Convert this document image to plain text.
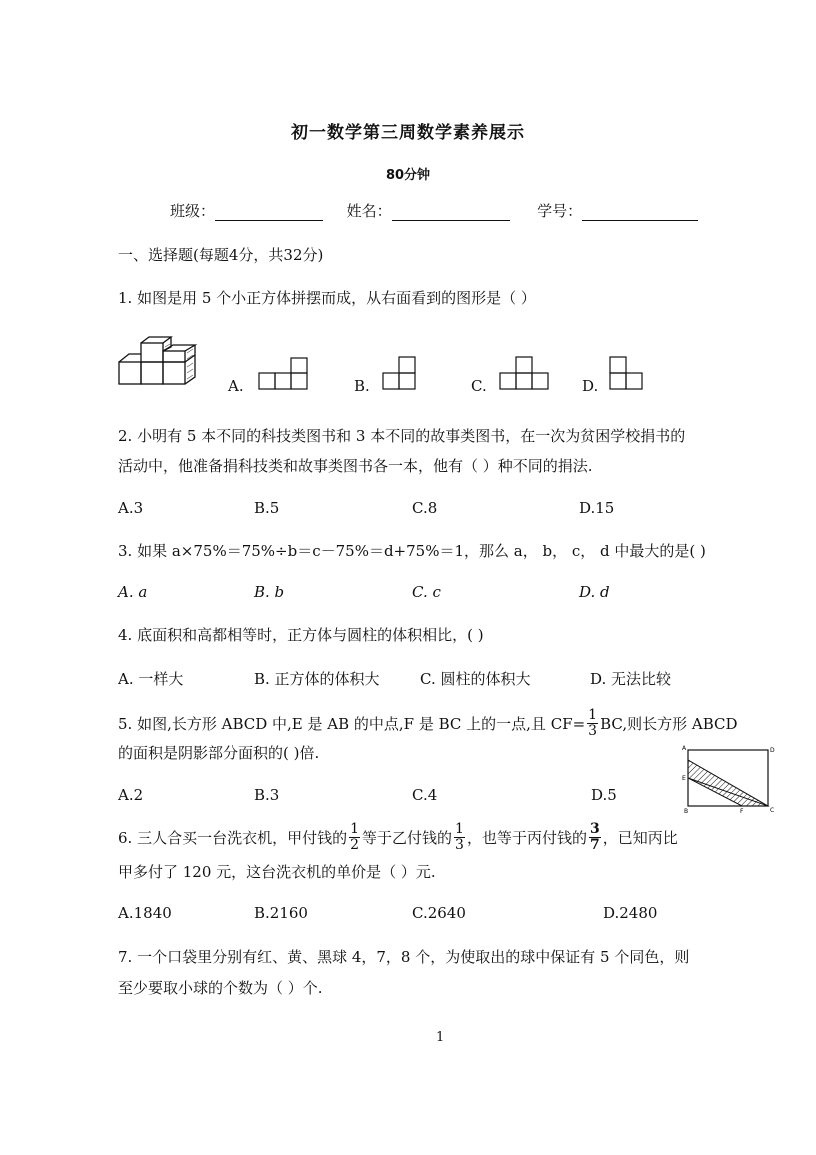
初一数学第三周数学素养展示
80分钟
班级：	姓名：	学号：
一、选择题(每题4分，共32分)
1. 如图是用 5 个小正方体拼摆而成，从右面看到的图形是（ ）
A.	B.	C.	D.
2. 小明有 5 本不同的科技类图书和 3 本不同的故事类图书，在一次为贫困学校捐书的
活动中，他准备捐科技类和故事类图书各一本，他有（ ）种不同的捐法.
A.3	B.5	C.8	D.15
3. 如果 a×75%＝75%÷b＝c－75%＝d+75%＝1，那么 a， b， c， d 中最大的是( )
A. a	B. b	C. c	D. d
4. 底面积和高都相等时，正方体与圆柱的体积相比，( )
A. 一样大	B. 正方体的体积大	C. 圆柱的体积大	D. 无法比较
5. 如图,长方形 ABCD 中,E 是 AB 的中点,F 是 BC 上的一点,且 $CF= \frac{1}{3}$ BC,则长方形 ABCD
的面积是阴影部分面积的( )倍.
A.2	B.3	C.4	D.5
A	D
E
B	F	C
6. 三人合买一台洗衣机，甲付钱的 $\frac{1}{2}$ 等于乙付钱的 $\frac{1}{3}$ ，也等于丙付钱的 $\frac{3}{7}$ ，已知丙比
甲多付了 120 元，这台洗衣机的单价是（ ）元.
A.1840	B.2160	C.2640	D.2480
7. 一个口袋里分别有红、黄、黑球 4，7，8 个，为使取出的球中保证有 5 个同色，则
至少要取小球的个数为（ ）个.
1
